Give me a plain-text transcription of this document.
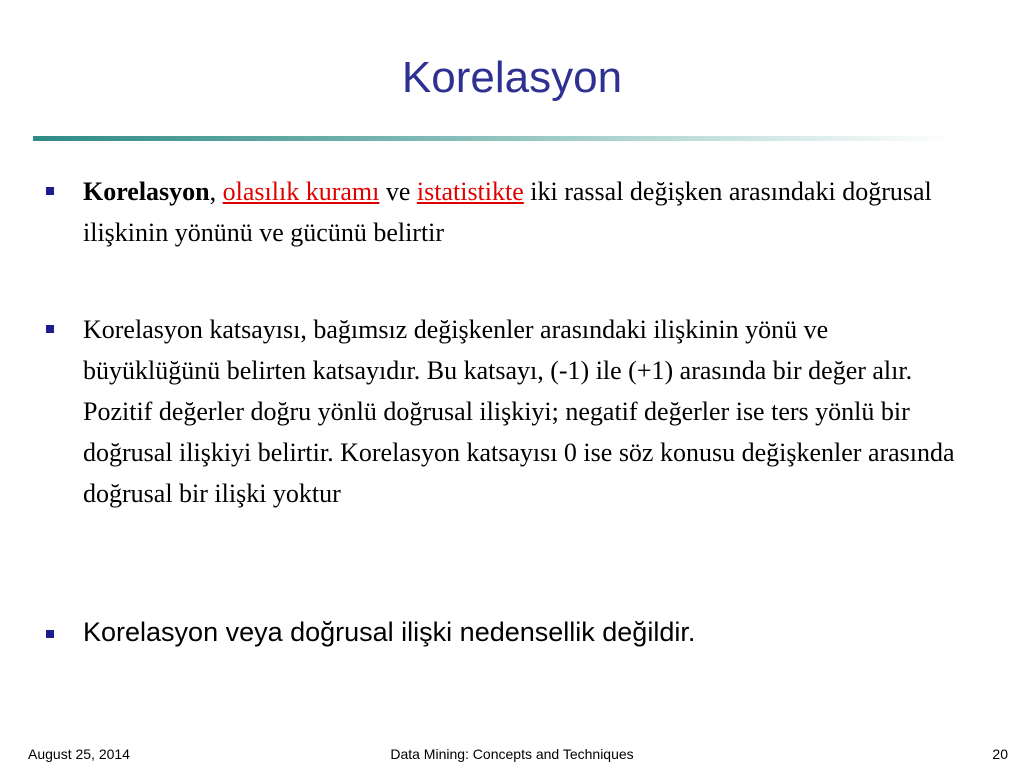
Korelasyon
Korelasyon, olasılık kuramı ve istatistikte iki rassal değişken arasındaki doğrusal ilişkinin yönünü ve gücünü belirtir
Korelasyon katsayısı, bağımsız değişkenler arasındaki ilişkinin yönü ve büyüklüğünü belirten katsayıdır. Bu katsayı, (-1) ile (+1) arasında bir değer alır. Pozitif değerler doğru yönlü doğrusal ilişkiyi; negatif değerler ise ters yönlü bir doğrusal ilişkiyi belirtir. Korelasyon katsayısı 0 ise söz konusu değişkenler arasında doğrusal bir ilişki yoktur
Korelasyon veya doğrusal ilişki nedensellik değildir.
August 25, 2014	Data Mining: Concepts and Techniques	20
